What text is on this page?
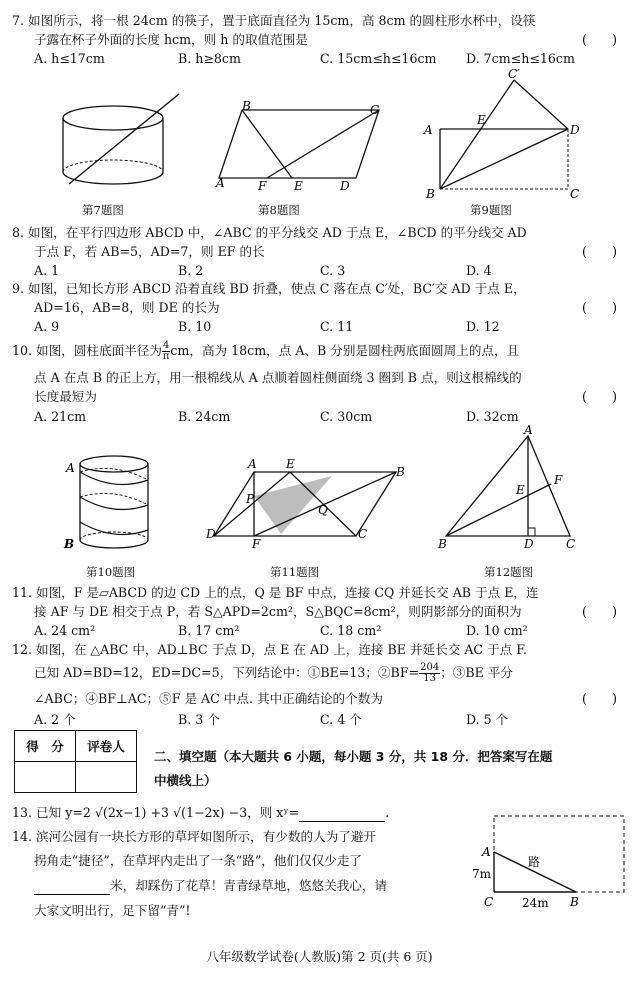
7. 如图所示，将一根 24cm 的筷子，置于底面直径为 15cm，高 8cm 的圆柱形水杯中，设筷
子露在杯子外面的长度 hcm，则 h 的取值范围是	(　　)
A. h≤17cm	B. h≥8cm	C. 15cm≤h≤16cm D. 7cm≤h≤16cm
第7题图
B	C
A	F E	D
第8题图
C′
A
E
D
B	C
第9题图
8. 如图，在平行四边形 ABCD 中，∠ABC 的平分线交 AD 于点 E，∠BCD 的平分线交 AD
于点 F，若 AB=5，AD=7，则 EF 的长	(　　)
A. 1	B. 2	C. 3	D. 4
9. 如图，已知长方形 ABCD 沿着直线 BD 折叠，使点 C 落在点 C′处，BC′交 AD 于点 E，
AD=16，AB=8，则 DE 的长为	(　　)
A. 9	B. 10	C. 11	D. 12
10. 如图，圆柱底面半径为 $\frac{4}{\pi}$ cm，高为 18cm，点 A、B 分别是圆柱两底面圆周上的点，且
点 A 在点 B 的正上方，用一根棉线从 A 点顺着圆柱侧面绕 3 圈到 B 点，则这根棉线的
长度最短为	(　　)
A. 21cm	B. 24cm	C. 30cm	D. 32cm
A
B
第10题图
A E
B
P
Q
D
F
C
第11题图
A
F
E
B	D	C
第12题图
11. 如图，F 是▱ABCD 的边 CD 上的点，Q 是 BF 中点，连接 CQ 并延长交 AB 于点 E，连
接 AF 与 DE 相交于点 P，若 S△APD=2cm²，S△BQC=8cm²，则阴影部分的面积为	(　　)
A. 24 cm²	B. 17 cm²	C. 18 cm²	D. 10 cm²
12. 如图，在 △ABC 中，AD⊥BC 于点 D，点 E 在 AD 上，连接 BE 并延长交 AC 于点 F.
已知 AD=BD=12，ED=DC=5，下列结论中：①BE=13；②BF= $\frac{204}{13}$ ；③BE 平分
∠ABC；④BF⊥AC；⑤F 是 AC 中点. 其中正确结论的个数为	(　　)
A. 2 个	B. 3 个	C. 4 个	D. 5 个
得　分	评卷人

二、填空题（本大题共 6 小题，每小题 3 分，共 18 分．把答案写在题
中横线上）
13. 已知 y=2 √(2x−1) +3 √(1−2x) −3，则 xʸ=	.
14. 滨河公园有一块长方形的草坪如图所示，有少数的人为了避开
拐角走“捷径”，在草坪内走出了一条“路”，他们仅仅少走了
米，却踩伤了花草！青青绿草地，悠悠关我心，请
大家文明出行，足下留“青”!
A
路
7m
C 24m B
八年级数学试卷(人教版)第 2 页(共 6 页)
